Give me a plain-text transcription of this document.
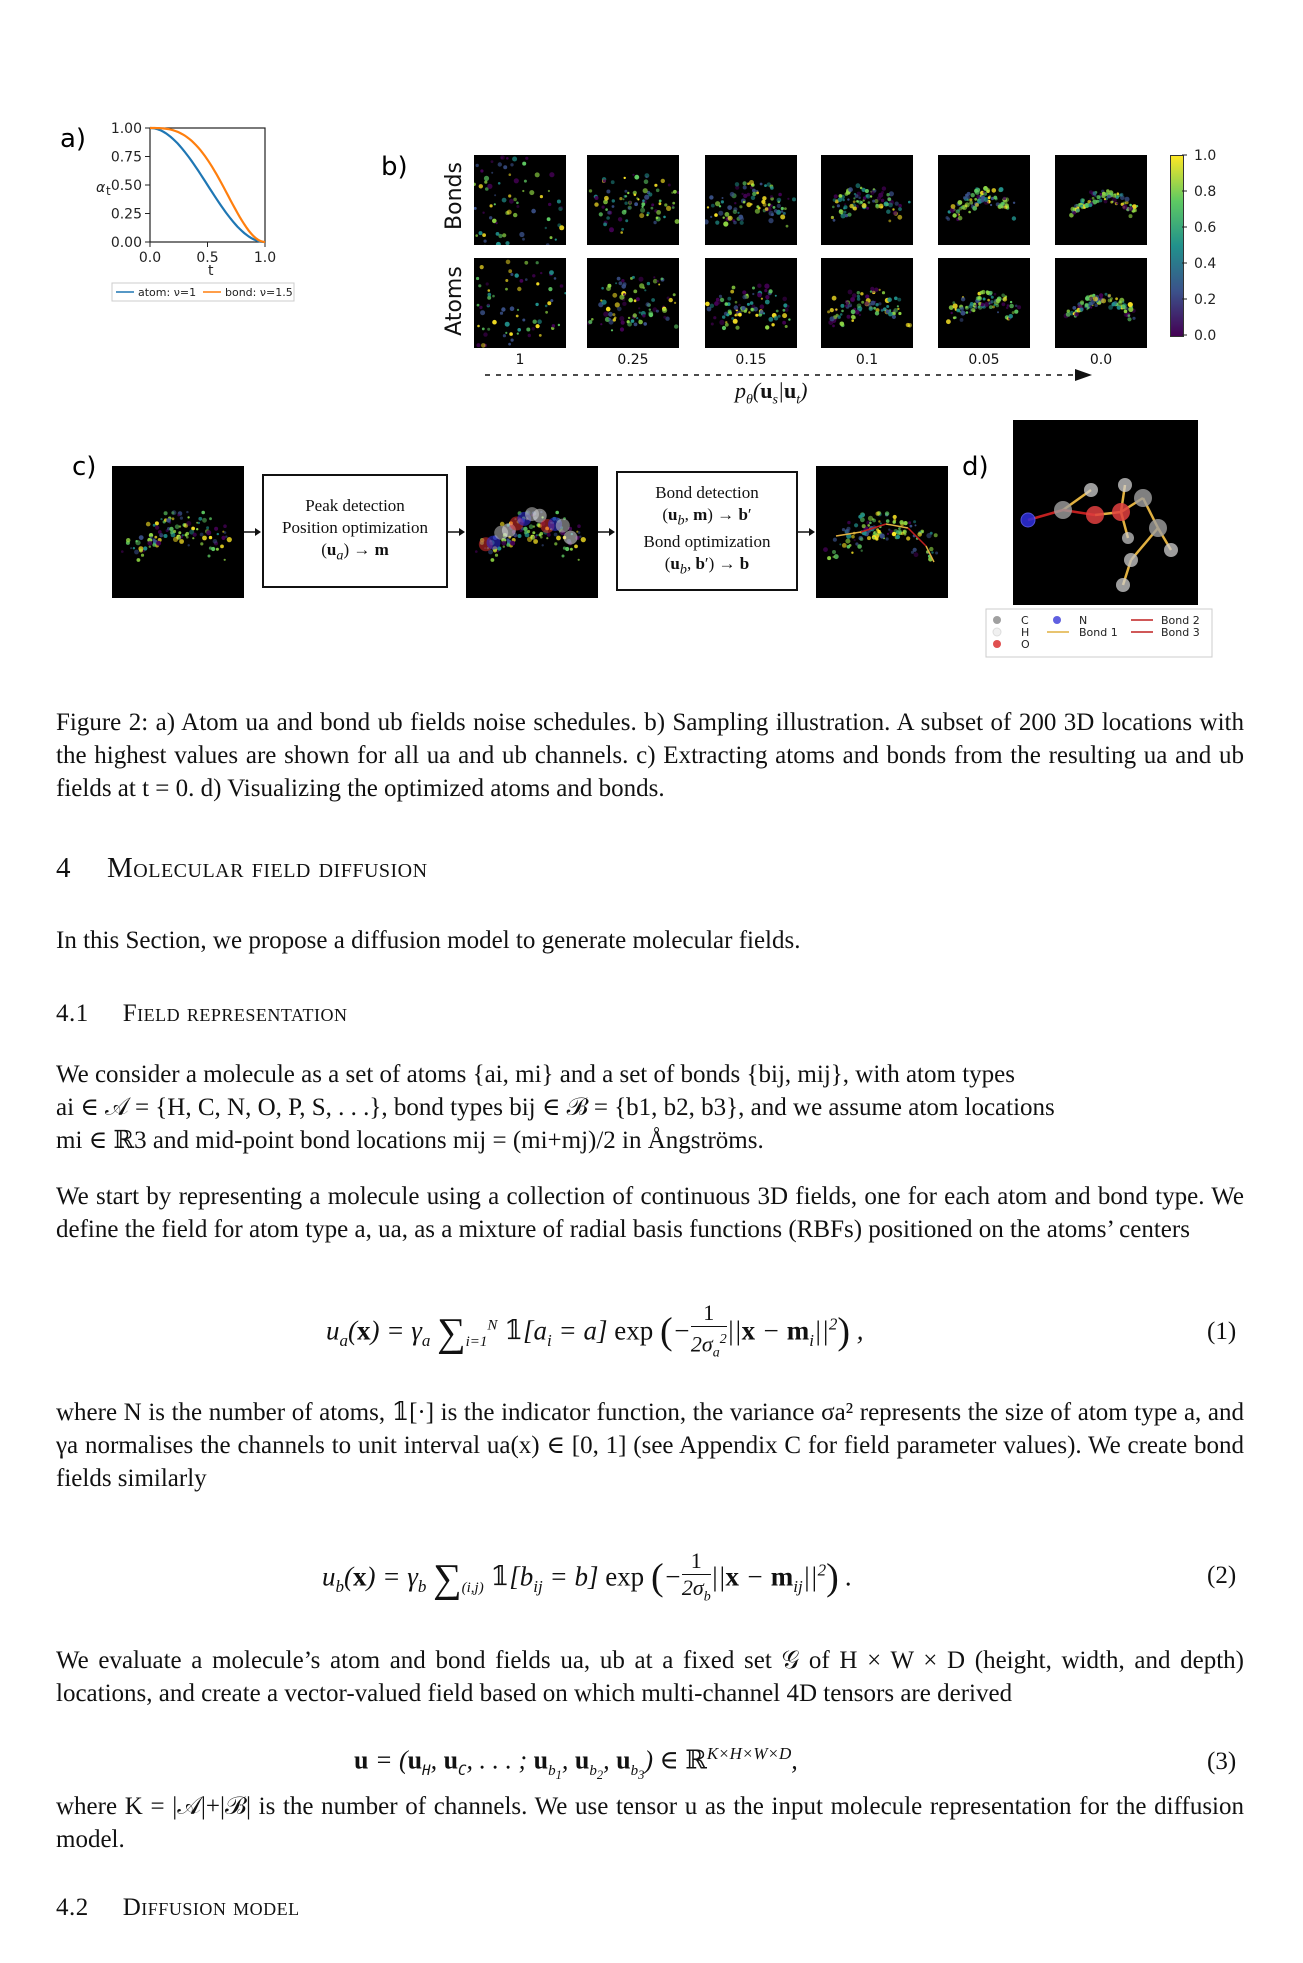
a)
α t
1.00
0.75
0.50
0.25
0.00
0.0	0.5	1.0
t
atom: ν=1	bond: ν=1.5
b) Bonds
Atoms
1	0.25	0.15	0.1	0.05	0.0
1.0
0.8
0.6
0.4
0.2
0.0
$p_\theta(u_s|u_t)$
c)
Peak detection
Position optimization
$(u_a) \to m$
Bond detection
($u_b$, m) → b′
Bond optimization
($u_b$, b′) → b
d)
C
H
O
N
Bond 1
Bond 2
Bond 3
Figure 2: a) Atom ua and bond ub fields noise schedules. b) Sampling illustration. A subset of 200 3D locations with the highest values are shown for all ua and ub channels. c) Extracting atoms and bonds from the resulting ua and ub fields at t = 0. d) Visualizing the optimized atoms and bonds.
4 Molecular field diffusion
In this Section, we propose a diffusion model to generate molecular fields.
4.1 Field representation
We consider a molecule as a set of atoms {ai, mi} and a set of bonds {bij, mij}, with atom types
ai ∈ 𝒜 = {H, C, N, O, P, S, . . .}, bond types bij ∈ ℬ = {b1, b2, b3}, and we assume atom locations
mi ∈ ℝ3 and mid-point bond locations mij = (mi+mj)/2 in Ångströms.
We start by representing a molecule using a collection of continuous 3D fields, one for each atom and bond type. We define the field for atom type a, ua, as a mixture of radial basis functions (RBFs) positioned on the atoms’ centers
$u_a(x) = \gamma_a$ $\sum_{i=1}^N$ $𝟙[a_i = a]$ exp (− $\frac{1}{2\sigma_a^2} ||x - m_i||^2$) ,	(1)
where N is the number of atoms, 𝟙[·] is the indicator function, the variance σa² represents the size of atom type a, and γa normalises the channels to unit interval ua(x) ∈ [0, 1] (see Appendix C for field parameter values). We create bond fields similarly
$u_b(x) = \gamma_b$ $\sum_{(i,j)}$ $𝟙[b_{ij} = b]$ exp (− $\frac{1}{2\sigma_b} ||x - m_{ij}||^2$) .	(2)
We evaluate a molecule’s atom and bond fields ua, ub at a fixed set 𝒢 of H × W × D (height, width, and depth) locations, and create a vector-valued field based on which multi-channel 4D tensors are derived
$u = (u_H$, $u_C$, . . . ; $u_{b_1}$, $u_{b_2}$, $u_{b_3}$) ∈ ℝ$^{K\times H\times W\times D}$,	(3)
where K = |𝒜|+|ℬ| is the number of channels. We use tensor u as the input molecule representation for the diffusion model.
4.2 Diffusion model
